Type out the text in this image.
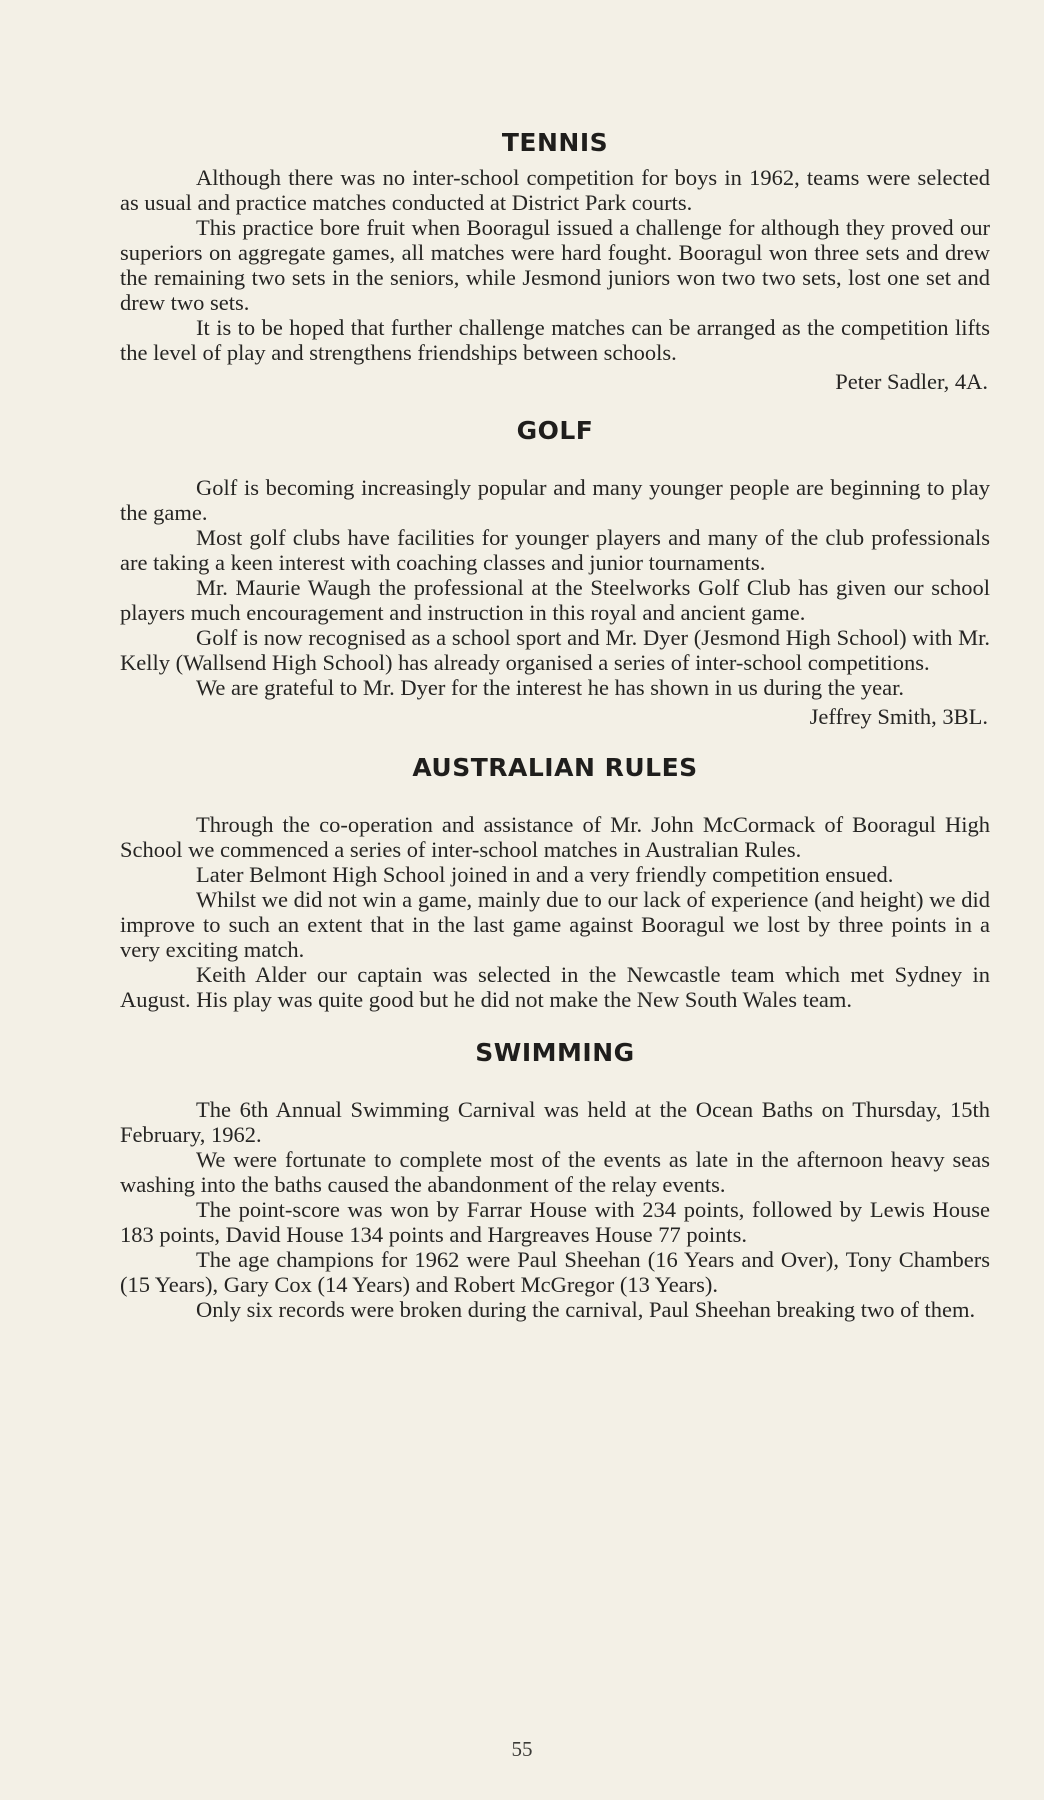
TENNIS

Although there was no inter-school competition for boys in 1962, teams were selected as usual and practice matches conducted at District Park courts.

This practice bore fruit when Booragul issued a challenge for although they proved our superiors on aggregate games, all matches were hard fought. Booragul won three sets and drew the remaining two sets in the seniors, while Jesmond juniors won two two sets, lost one set and drew two sets.

It is to be hoped that further challenge matches can be arranged as the competition lifts the level of play and strengthens friendships between schools.

Peter Sadler, 4A.

GOLF

Golf is becoming increasingly popular and many younger people are beginning to play the game.

Most golf clubs have facilities for younger players and many of the club professionals are taking a keen interest with coaching classes and junior tournaments.

Mr. Maurie Waugh the professional at the Steelworks Golf Club has given our school players much encouragement and instruction in this royal and ancient game.

Golf is now recognised as a school sport and Mr. Dyer (Jesmond High School) with Mr. Kelly (Wallsend High School) has already organised a series of inter-school competitions.

We are grateful to Mr. Dyer for the interest he has shown in us during the year.

Jeffrey Smith, 3BL.

AUSTRALIAN RULES

Through the co-operation and assistance of Mr. John McCormack of Booragul High School we commenced a series of inter-school matches in Australian Rules.

Later Belmont High School joined in and a very friendly competition ensued.

Whilst we did not win a game, mainly due to our lack of experience (and height) we did improve to such an extent that in the last game against Booragul we lost by three points in a very exciting match.

Keith Alder our captain was selected in the Newcastle team which met Sydney in August. His play was quite good but he did not make the New South Wales team.

SWIMMING

The 6th Annual Swimming Carnival was held at the Ocean Baths on Thursday, 15th February, 1962.

We were fortunate to complete most of the events as late in the afternoon heavy seas washing into the baths caused the abandonment of the relay events.

The point-score was won by Farrar House with 234 points, followed by Lewis House 183 points, David House 134 points and Hargreaves House 77 points.

The age champions for 1962 were Paul Sheehan (16 Years and Over), Tony Chambers (15 Years), Gary Cox (14 Years) and Robert McGregor (13 Years).

Only six records were broken during the carnival, Paul Sheehan breaking two of them.

55
